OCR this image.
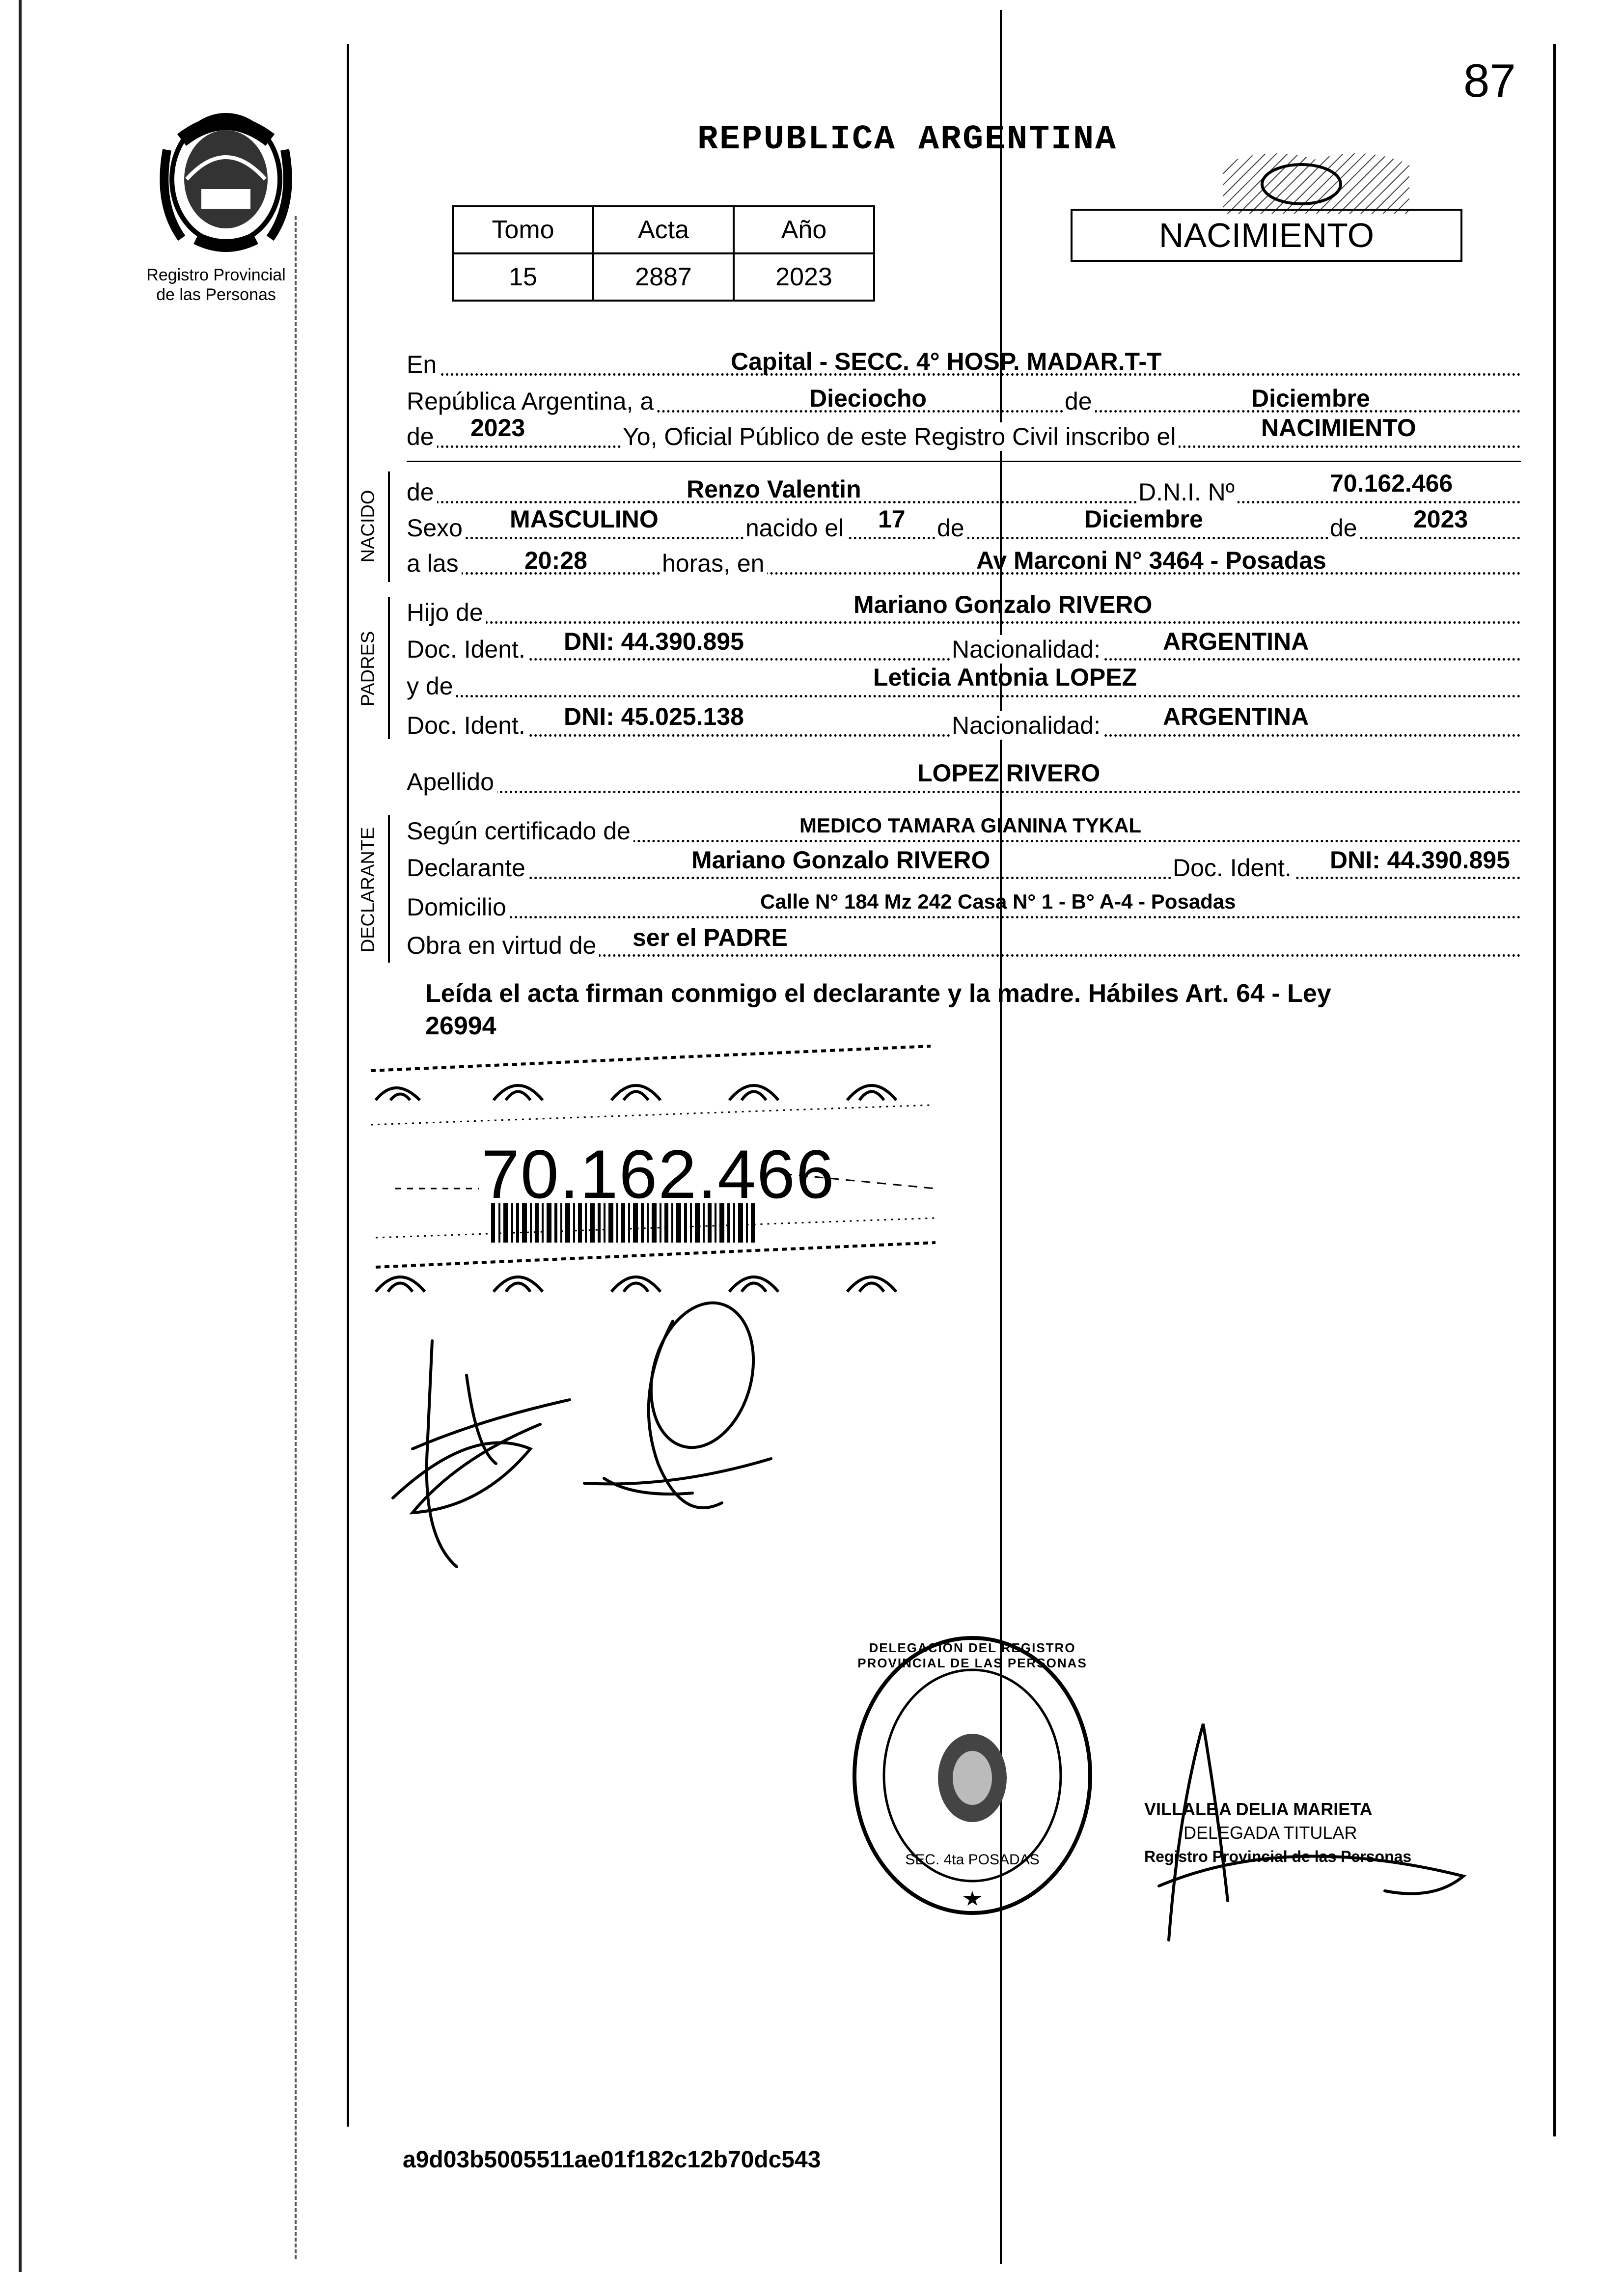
Registro Provincial
de las Personas
87
REPUBLICA ARGENTINA
Tomo	Acta	Año
15	2887	2023
NACIMIENTO
En	Capital - SECC. 4° HOSP. MADAR.T-T
República Argentina, a	Dieciocho	de	Diciembre
de 2023	Yo, Oficial Público de este Registro Civil inscribo el	NACIMIENTO
NACIDO de	Renzo Valentin	D.N.I. Nº	70.162.466
Sexo MASCULINO	nacido el 17 de	Diciembre	de 2023
a las	20:28	horas, en	Av Marconi N° 3464 - Posadas
PADRES
Hijo de	Mariano Gonzalo RIVERO
Doc. Ident. DNI: 44.390.895	Nacionalidad:	ARGENTINA
y de	Leticia Antonia LOPEZ
Doc. Ident. DNI: 45.025.138	Nacionalidad:	ARGENTINA
Apellido	LOPEZ RIVERO
DECLARANTE Según certificado de	MEDICO TAMARA GIANINA TYKAL
Declarante	Mariano Gonzalo RIVERO	Doc. Ident. DNI: 44.390.895
Domicilio	Calle N° 184 Mz 242 Casa N° 1 - B° A-4 - Posadas
Obra en virtud de ser el PADRE
Leída el acta firman conmigo el declarante y la madre. Hábiles Art. 64 - Ley
26994
70.162.466
DELEGACION DEL REGISTRO PROVINCIAL DE LAS PERSONAS
SEC. 4ta POSADAS
VILLALBA DELIA MARIETA
DELEGADA TITULAR
Registro Provincial de las Personas
a9d03b5005511ae01f182c12b70dc543
